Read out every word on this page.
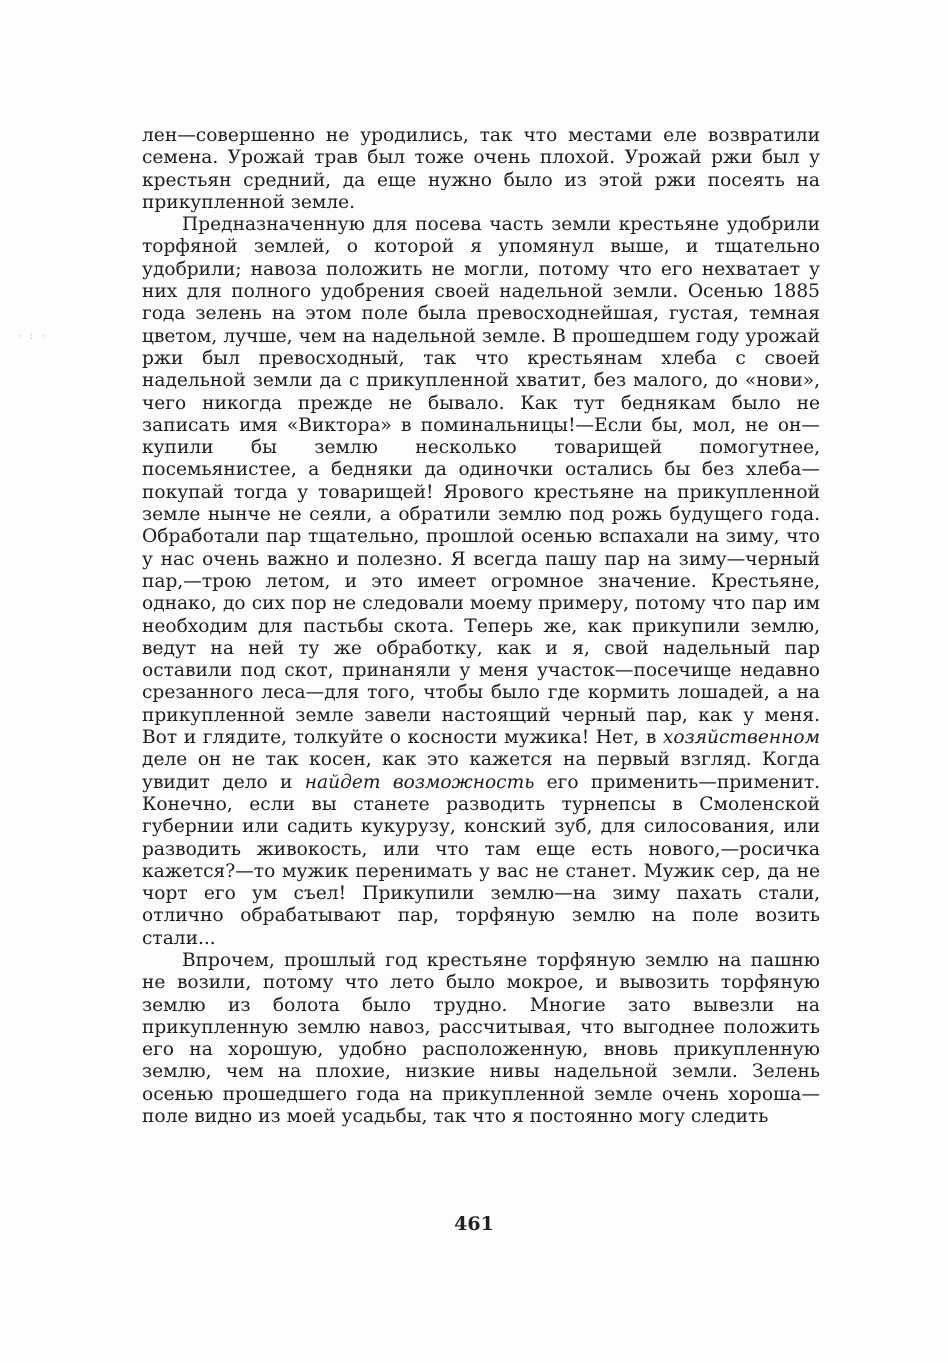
· : ·

лен—совершенно не уродились, так что местами еле возвратили семена. Урожай трав был тоже очень плохой. Урожай ржи был у крестьян средний, да еще нужно было из этой ржи посеять на прикупленной земле.

Предназначенную для посева часть земли крестьяне удобрили торфяной землей, о которой я упомянул выше, и тщательно удобрили; навоза положить не могли, потому что его нехватает у них для полного удобрения своей надельной земли. Осенью 1885 года зелень на этом поле была превосходнейшая, густая, темная цветом, лучше, чем на надельной земле. В прошедшем году урожай ржи был превосходный, так что крестьянам хлеба с своей надельной земли да с прикупленной хватит, без малого, до «нови», чего никогда прежде не бывало. Как тут беднякам было не записать имя «Виктора» в поминальницы!—Если бы, мол, не он—купили бы землю несколько товарищей помогутнее, посемьянистее, а бедняки да одиночки остались бы без хлеба—покупай тогда у товарищей! Ярового крестьяне на прикупленной земле нынче не сеяли, а обратили землю под рожь будущего года. Обработали пар тщательно, прошлой осенью вспахали на зиму, что у нас очень важно и полезно. Я всегда пашу пар на зиму—черный пар,—трою летом, и это имеет огромное значение. Крестьяне, однако, до сих пор не следовали моему примеру, потому что пар им необходим для пастьбы скота. Теперь же, как прикупили землю, ведут на ней ту же обработку, как и я, свой надельный пар оставили под скот, принаняли у меня участок—посечище недавно срезанного леса—для того, чтобы было где кормить лошадей, а на прикупленной земле завели настоящий черный пар, как у меня. Вот и глядите, толкуйте о косности мужика! Нет, в хозяйственном деле он не так косен, как это кажется на первый взгляд. Когда увидит дело и найдет возможность его применить—применит. Конечно, если вы станете разводить турнепсы в Смоленской губернии или садить кукурузу, конский зуб, для силосования, или разводить живокость, или что там еще есть нового,—росичка кажется?—то мужик перенимать у вас не станет. Мужик сер, да не чорт его ум съел! Прикупили землю—на зиму пахать стали, отлично обрабатывают пар, торфяную землю на поле возить стали...

Впрочем, прошлый год крестьяне торфяную землю на пашню не возили, потому что лето было мокрое, и вывозить торфяную землю из болота было трудно. Многие зато вывезли на прикупленную землю навоз, рассчитывая, что выгоднее положить его на хорошую, удобно расположенную, вновь прикупленную землю, чем на плохие, низкие нивы надельной земли. Зелень осенью прошедшего года на прикупленной земле очень хороша—поле видно из моей усадьбы, так что я постоянно могу следить

461
